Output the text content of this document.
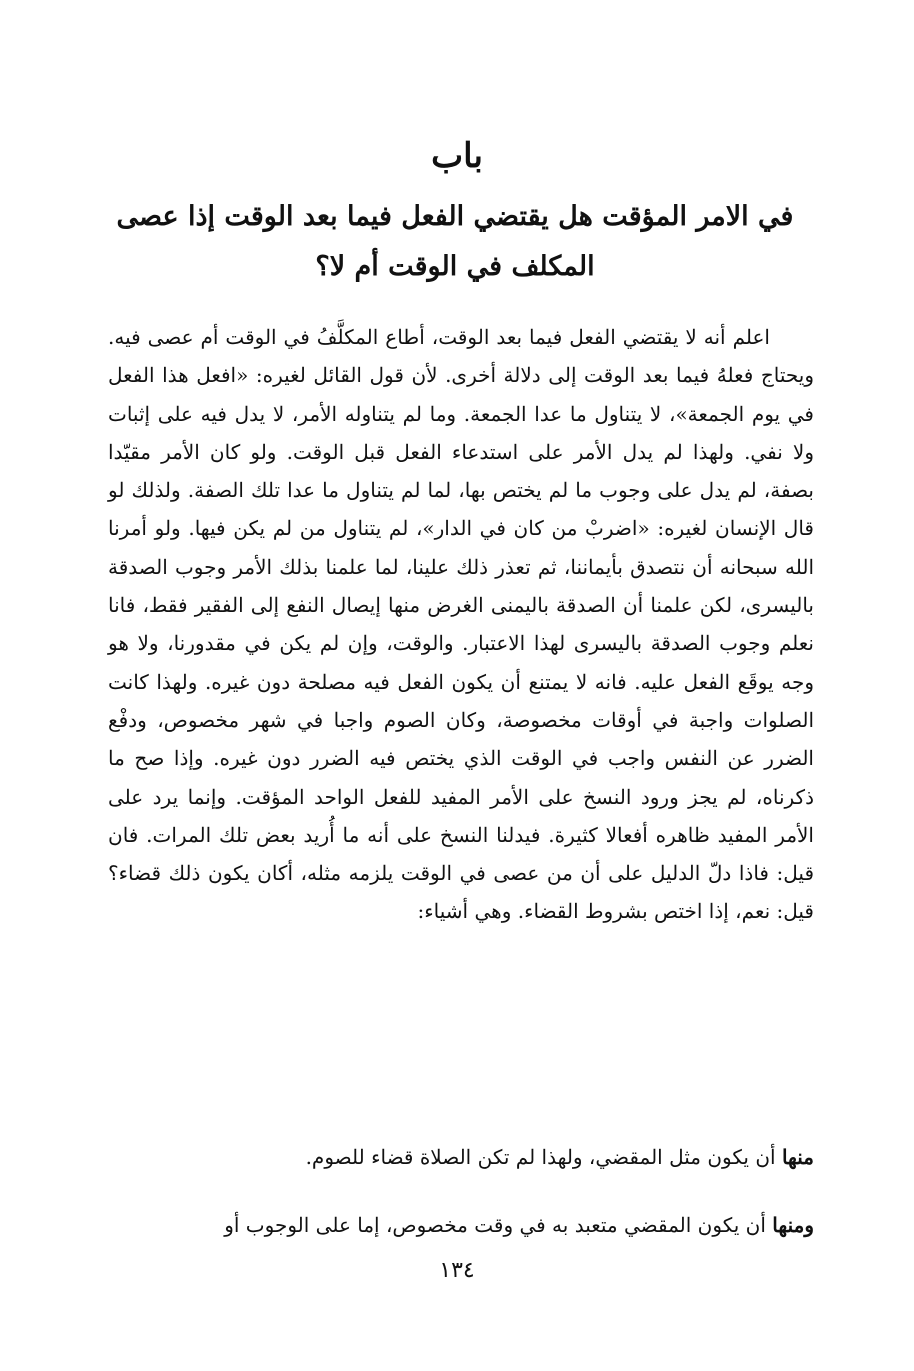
باب
في الامر المؤقت هل يقتضي الفعل فيما بعد الوقت إذا عصى المكلف في الوقت أم لا؟

اعلم أنه لا يقتضي الفعل فيما بعد الوقت، أطاع المكلَّفُ في الوقت أم عصى فيه. ويحتاج فعلهُ فيما بعد الوقت إلى دلالة أخرى. لأن قول القائل لغيره: «افعل هذا الفعل في يوم الجمعة»، لا يتناول ما عدا الجمعة. وما لم يتناوله الأمر، لا يدل فيه على إثبات ولا نفي. ولهذا لم يدل الأمر على استدعاء الفعل قبل الوقت. ولو كان الأمر مقيّدا بصفة، لم يدل على وجوب ما لم يختص بها، لما لم يتناول ما عدا تلك الصفة. ولذلك لو قال الإنسان لغيره: «اضربْ من كان في الدار»، لم يتناول من لم يكن فيها. ولو أمرنا الله سبحانه أن نتصدق بأيماننا، ثم تعذر ذلك علينا، لما علمنا بذلك الأمر وجوب الصدقة باليسرى، لكن علمنا أن الصدقة باليمنى الغرض منها إيصال النفع إلى الفقير فقط، فانا نعلم وجوب الصدقة باليسرى لهذا الاعتبار. والوقت، وإن لم يكن في مقدورنا، ولا هو وجه يوقَع الفعل عليه. فانه لا يمتنع أن يكون الفعل فيه مصلحة دون غيره. ولهذا كانت الصلوات واجبة في أوقات مخصوصة، وكان الصوم واجبا في شهر مخصوص، ودفْع الضرر عن النفس واجب في الوقت الذي يختص فيه الضرر دون غيره. وإذا صح ما ذكرناه، لم يجز ورود النسخ على الأمر المفيد للفعل الواحد المؤقت. وإنما يرد على الأمر المفيد ظاهره أفعالا كثيرة. فيدلنا النسخ على أنه ما أُريد بعض تلك المرات. فان قيل: فاذا دلّ الدليل على أن من عصى في الوقت يلزمه مثله، أكان يكون ذلك قضاء؟ قيل: نعم، إذا اختص بشروط القضاء. وهي أشياء:

منها أن يكون مثل المقضي، ولهذا لم تكن الصلاة قضاء للصوم.

ومنها أن يكون المقضي متعبد به في وقت مخصوص، إما على الوجوب أو

١٣٤
